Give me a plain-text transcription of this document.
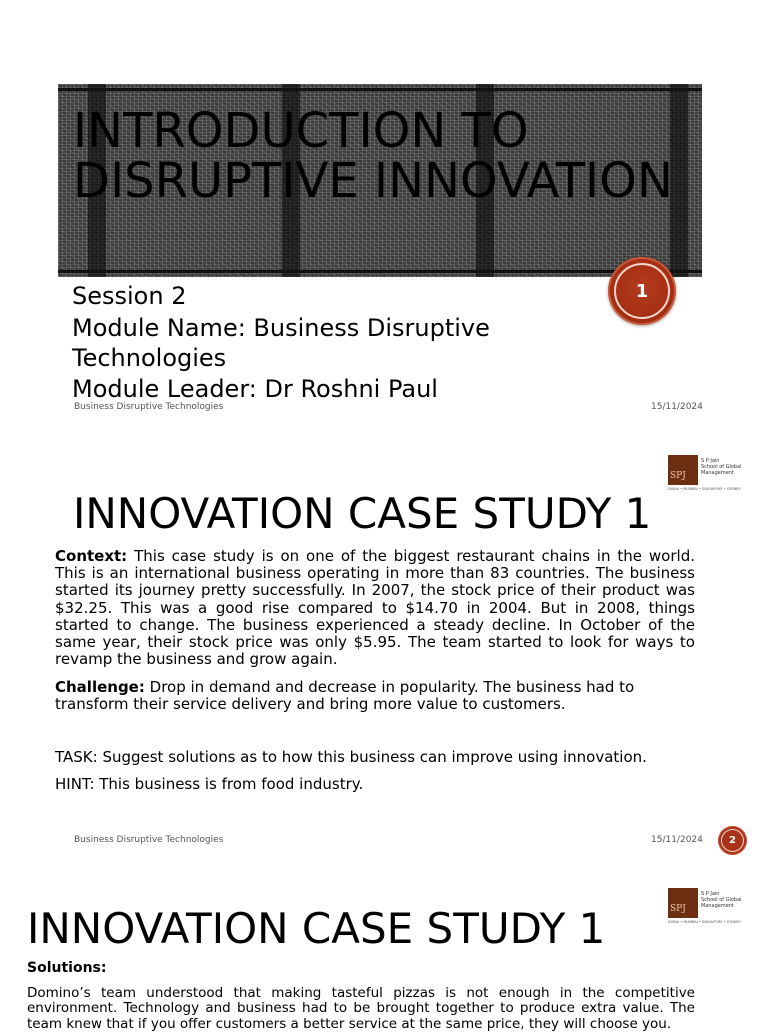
INTRODUCTION TO DISRUPTIVE INNOVATION
Session 2
Module Name: Business Disruptive
Technologies
Module Leader: Dr Roshni Paul
1
Business Disruptive Technologies	15/11/2024
SPJ
S P Jain
School of Global
Management
DUBAI • MUMBAI • SINGAPORE • SYDNEY
INNOVATION CASE STUDY 1
Context: This case study is on one of the biggest restaurant chains in the world. This is an international business operating in more than 83 countries. The business started its journey pretty successfully. In 2007, the stock price of their product was $32.25. This was a good rise compared to $14.70 in 2004. But in 2008, things started to change. The business experienced a steady decline. In October of the same year, their stock price was only $5.95. The team started to look for ways to revamp the business and grow again.
Challenge: Drop in demand and decrease in popularity. The business had to transform their service delivery and bring more value to customers.
TASK: Suggest solutions as to how this business can improve using innovation.
HINT: This business is from food industry.
Business Disruptive Technologies	15/11/2024	2
SPJ
S P Jain
School of Global
Management
DUBAI • MUMBAI • SINGAPORE • SYDNEY
INNOVATION CASE STUDY 1
Solutions:
Domino’s team understood that making tasteful pizzas is not enough in the competitive environment. Technology and business had to be brought together to produce extra value. The team knew that if you offer customers a better service at the same price, they will choose you.
